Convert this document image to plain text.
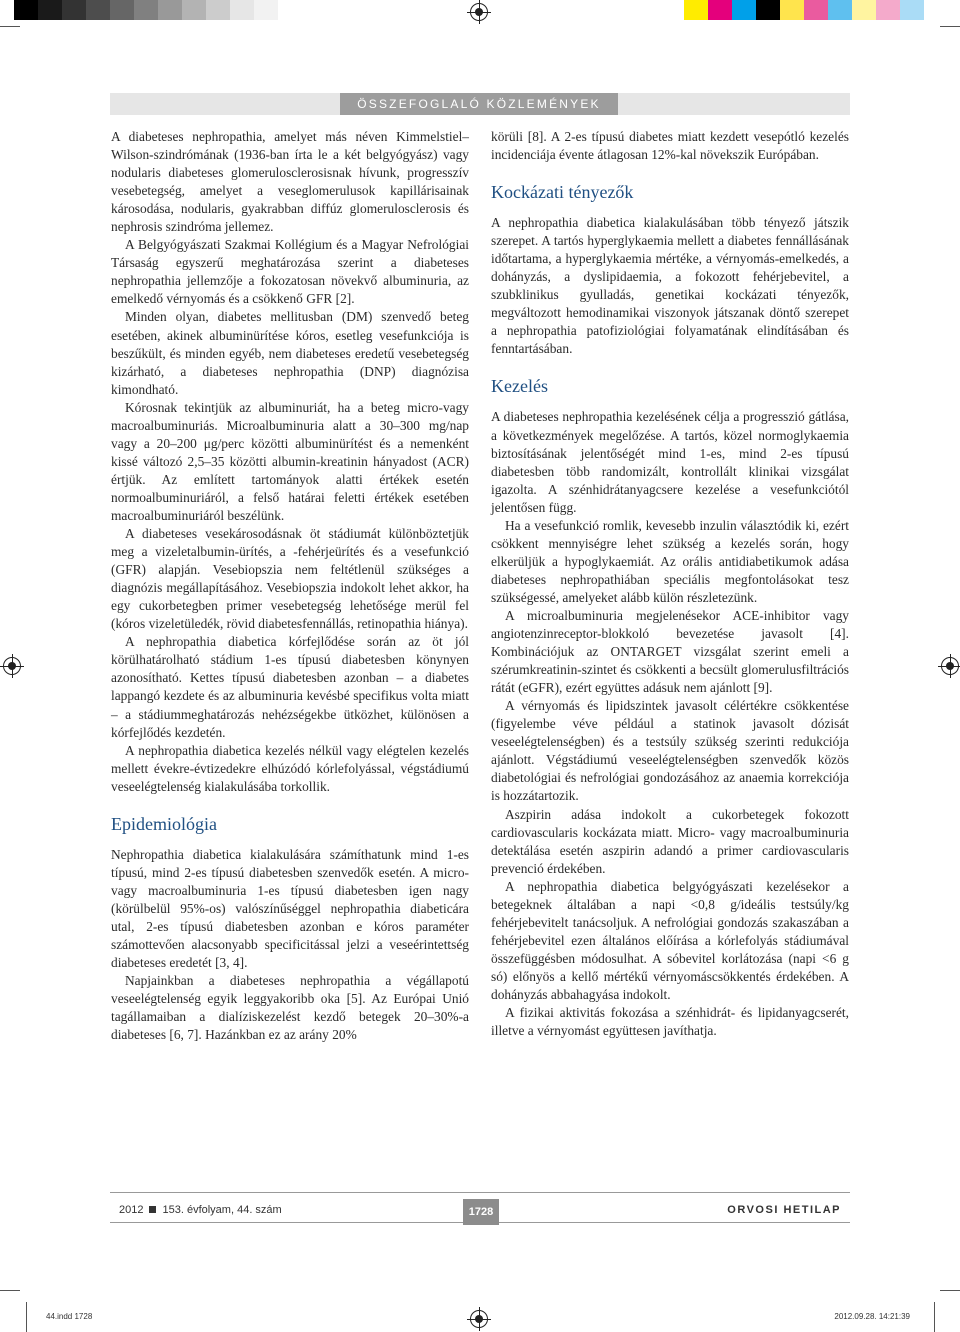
ÖSSZEFOGLALÓ KÖZLEMÉNYEK

A diabeteses nephropathia, amelyet más néven Kimmelstiel–Wilson-szindrómának (1936-ban írta le a két belgyógyász) vagy nodularis diabeteses glomerulosclerosisnak hívunk, progresszív vesebetegség, amelyet a veseglomerulusok kapillárisainak károsodása, nodularis, gyakrabban diffúz glomerulosclerosis és nephrosis szindróma jellemez.

A Belgyógyászati Szakmai Kollégium és a Magyar Nefrológiai Társaság egyszerű meghatározása szerint a diabeteses nephropathia jellemzője a fokozatosan növekvő albuminuria, az emelkedő vérnyomás és a csökkenő GFR [2].

Minden olyan, diabetes mellitusban (DM) szenvedő beteg esetében, akinek albuminürítése kóros, esetleg vesefunkciója is beszűkült, és minden egyéb, nem diabeteses eredetű vesebetegség kizárható, a diabeteses nephropathia (DNP) diagnózisa kimondható.

Kórosnak tekintjük az albuminuriát, ha a beteg micro-vagy macroalbuminuriás. Microalbuminuria alatt a 30–300 mg/nap vagy a 20–200 μg/perc közötti albuminürítést és a nemenként kissé változó 2,5–35 közötti albumin-kreatinin hányadost (ACR) értjük. Az említett tartományok alatti értékek esetén normoalbuminuriáról, a felső határai feletti értékek esetében macroalbuminuriáról beszélünk.

A diabeteses vesekárosodásnak öt stádiumát különböztetjük meg a vizeletalbumin-ürítés, a -fehérjeürítés és a vesefunkció (GFR) alapján. Vesebiopszia nem feltétlenül szükséges a diagnózis megállapításához. Vesebiopszia indokolt lehet akkor, ha egy cukorbetegben primer vesebetegség lehetősége merül fel (kóros vizeletüledék, rövid diabetesfennállás, retinopathia hiánya).

A nephropathia diabetica kórfejlődése során az öt jól körülhatárolható stádium 1-es típusú diabetesben könynyen azonosítható. Kettes típusú diabetesben azonban – a diabetes lappangó kezdete és az albuminuria kevésbé specifikus volta miatt – a stádiummeghatározás nehézségekbe ütközhet, különösen a kórfejlődés kezdetén.

A nephropathia diabetica kezelés nélkül vagy elégtelen kezelés mellett évekre-évtizedekre elhúzódó kórlefolyással, végstádiumú veseelégtelenség kialakulásába torkollik.

Epidemiológia

Nephropathia diabetica kialakulására számíthatunk mind 1-es típusú, mind 2-es típusú diabetesben szenvedők esetén. A micro- vagy macroalbuminuria 1-es típusú diabetesben igen nagy (körülbelül 95%-os) valószínűséggel nephropathia diabeticára utal, 2-es típusú diabetesben azonban e kóros paraméter számottevően alacsonyabb specificitással jelzi a veseérintettség diabeteses eredetét [3, 4].

Napjainkban a diabeteses nephropathia a végállapotú veseelégtelenség egyik leggyakoribb oka [5]. Az Európai Unió tagállamaiban a dialíziskezelést kezdő betegek 20–30%-a diabeteses [6, 7]. Hazánkban ez az arány 20%

körüli [8]. A 2-es típusú diabetes miatt kezdett vesepótló kezelés incidenciája évente átlagosan 12%-kal növekszik Európában.

Kockázati tényezők

A nephropathia diabetica kialakulásában több tényező játszik szerepet. A tartós hyperglykaemia mellett a diabetes fennállásának időtartama, a hyperglykaemia mértéke, a vérnyomás-emelkedés, a dohányzás, a dyslipidaemia, a fokozott fehérjebevitel, a szubklinikus gyulladás, genetikai kockázati tényezők, megváltozott hemodinamikai viszonyok játszanak döntő szerepet a nephropathia patofiziológiai folyamatának elindításában és fenntartásában.

Kezelés

A diabeteses nephropathia kezelésének célja a progresszió gátlása, a következmények megelőzése. A tartós, közel normoglykaemia biztosításának jelentőségét mind 1-es, mind 2-es típusú diabetesben több randomizált, kontrollált klinikai vizsgálat igazolta. A szénhidrátanyagcsere kezelése a vesefunkciótól jelentősen függ.

Ha a vesefunkció romlik, kevesebb inzulin választódik ki, ezért csökkent mennyiségre lehet szükség a kezelés során, hogy elkerüljük a hypoglykaemiát. Az orális antidiabetikumok adása diabeteses nephropathiában speciális megfontolásokat tesz szükségessé, amelyeket alább külön részletezünk.

A microalbuminuria megjelenésekor ACE-inhibitor vagy angiotenzinreceptor-blokkoló bevezetése javasolt [4]. Kombinációjuk az ONTARGET vizsgálat szerint emeli a szérumkreatinin-szintet és csökkenti a becsült glomerulusfiltrációs rátát (eGFR), ezért együttes adásuk nem ajánlott [9].

A vérnyomás és lipidszintek javasolt célértékre csökkentése (figyelembe véve például a statinok javasolt dózisát veseelégtelenségben) és a testsúly szükség szerinti redukciója ajánlott. Végstádiumú veseelégtelenségben szenvedők közös diabetológiai és nefrológiai gondozásához az anaemia korrekciója is hozzátartozik.

Aszpirin adása indokolt a cukorbetegek fokozott cardiovascularis kockázata miatt. Micro- vagy macroalbuminuria detektálása esetén aszpirin adandó a primer cardiovascularis prevenció érdekében.

A nephropathia diabetica belgyógyászati kezelésekor a betegeknek általában a napi <0,8 g/ideális testsúly/kg fehérjebevitelt tanácsoljuk. A nefrológiai gondozás szakaszában a fehérjebevitel ezen általános előírása a kórlefolyás stádiumával összefüggésben módosulhat. A sóbevitel korlátozása (napi <6 g só) előnyös a kellő mértékű vérnyomáscsökkentés érdekében. A dohányzás abbahagyása indokolt.

A fizikai aktivitás fokozása a szénhidrát- és lipidanyagcserét, illetve a vérnyomást együttesen javíthatja.

2012 153. évfolyam, 44. szám	1728	ORVOSI HETILAP
44.indd 1728	2012.09.28. 14:21:39
